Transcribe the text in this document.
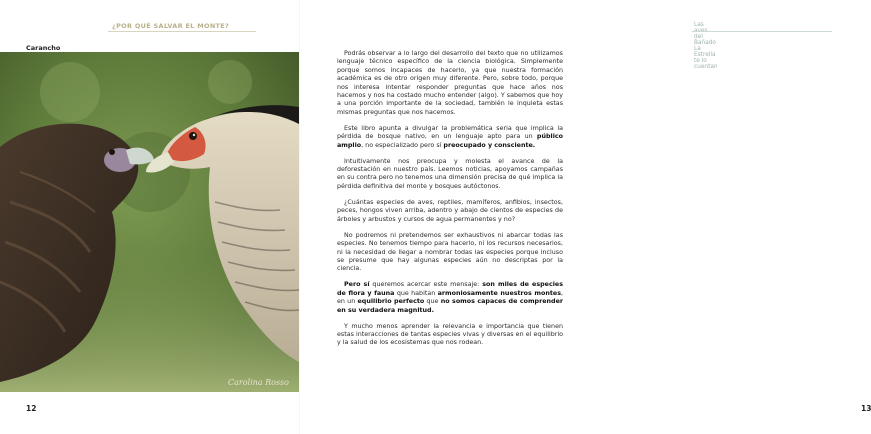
¿POR QUÉ SALVAR EL MONTE?
Carancho
Carolina Rosso
12
Las del Bañado La Estrella te lo cuentan
13

Podrás observar a lo largo del desarrollo del texto que no utilizamos lenguaje técnico específico de la ciencia biológica. Simplemente porque somos incapaces de hacerlo, ya que nuestra formación académica es de otro origen muy diferente. Pero, sobre todo, porque nos interesa intentar responder preguntas que hace años nos hacemos y nos ha costado mucho entender (algo). Y sabemos que hoy a una porción importante de la sociedad, también le inquieta estas mismas preguntas que nos hacemos.

Este libro apunta a divulgar la problemática seria que implica la pérdida de bosque nativo, en un lenguaje apto para un público amplio, no especializado pero sí preocupado y consciente.

Intuitivamente nos preocupa y molesta el avance de la deforestación en nuestro país. Leemos noticias, apoyamos campañas en su contra pero no tenemos una dimensión precisa de qué implica la pérdida definitiva del monte y bosques autóctonos.

¿Cuántas especies de aves, reptiles, mamíferos, anfibios, insectos, peces, hongos viven arriba, adentro y abajo de cientos de especies de árboles y arbustos y cursos de agua permanentes y no?

No podremos ni pretendemos ser exhaustivos ni abarcar todas las especies. No tenemos tiempo para hacerlo, ni los recursos necesarios, ni la necesidad de llegar a nombrar todas las especies porque incluso se presume que hay algunas especies aún no descriptas por la ciencia.

Pero sí queremos acercar este mensaje: son miles de especies de flora y fauna que habitan armoniosamente nuestros montes, en un equilibrio perfecto que no somos capaces de comprender en su verdadera magnitud.

Y mucho menos aprender la relevancia e importancia que tienen estas interacciones de tantas especies vivas y diversas en el equilibrio y la salud de los ecosistemas que nos rodean.
